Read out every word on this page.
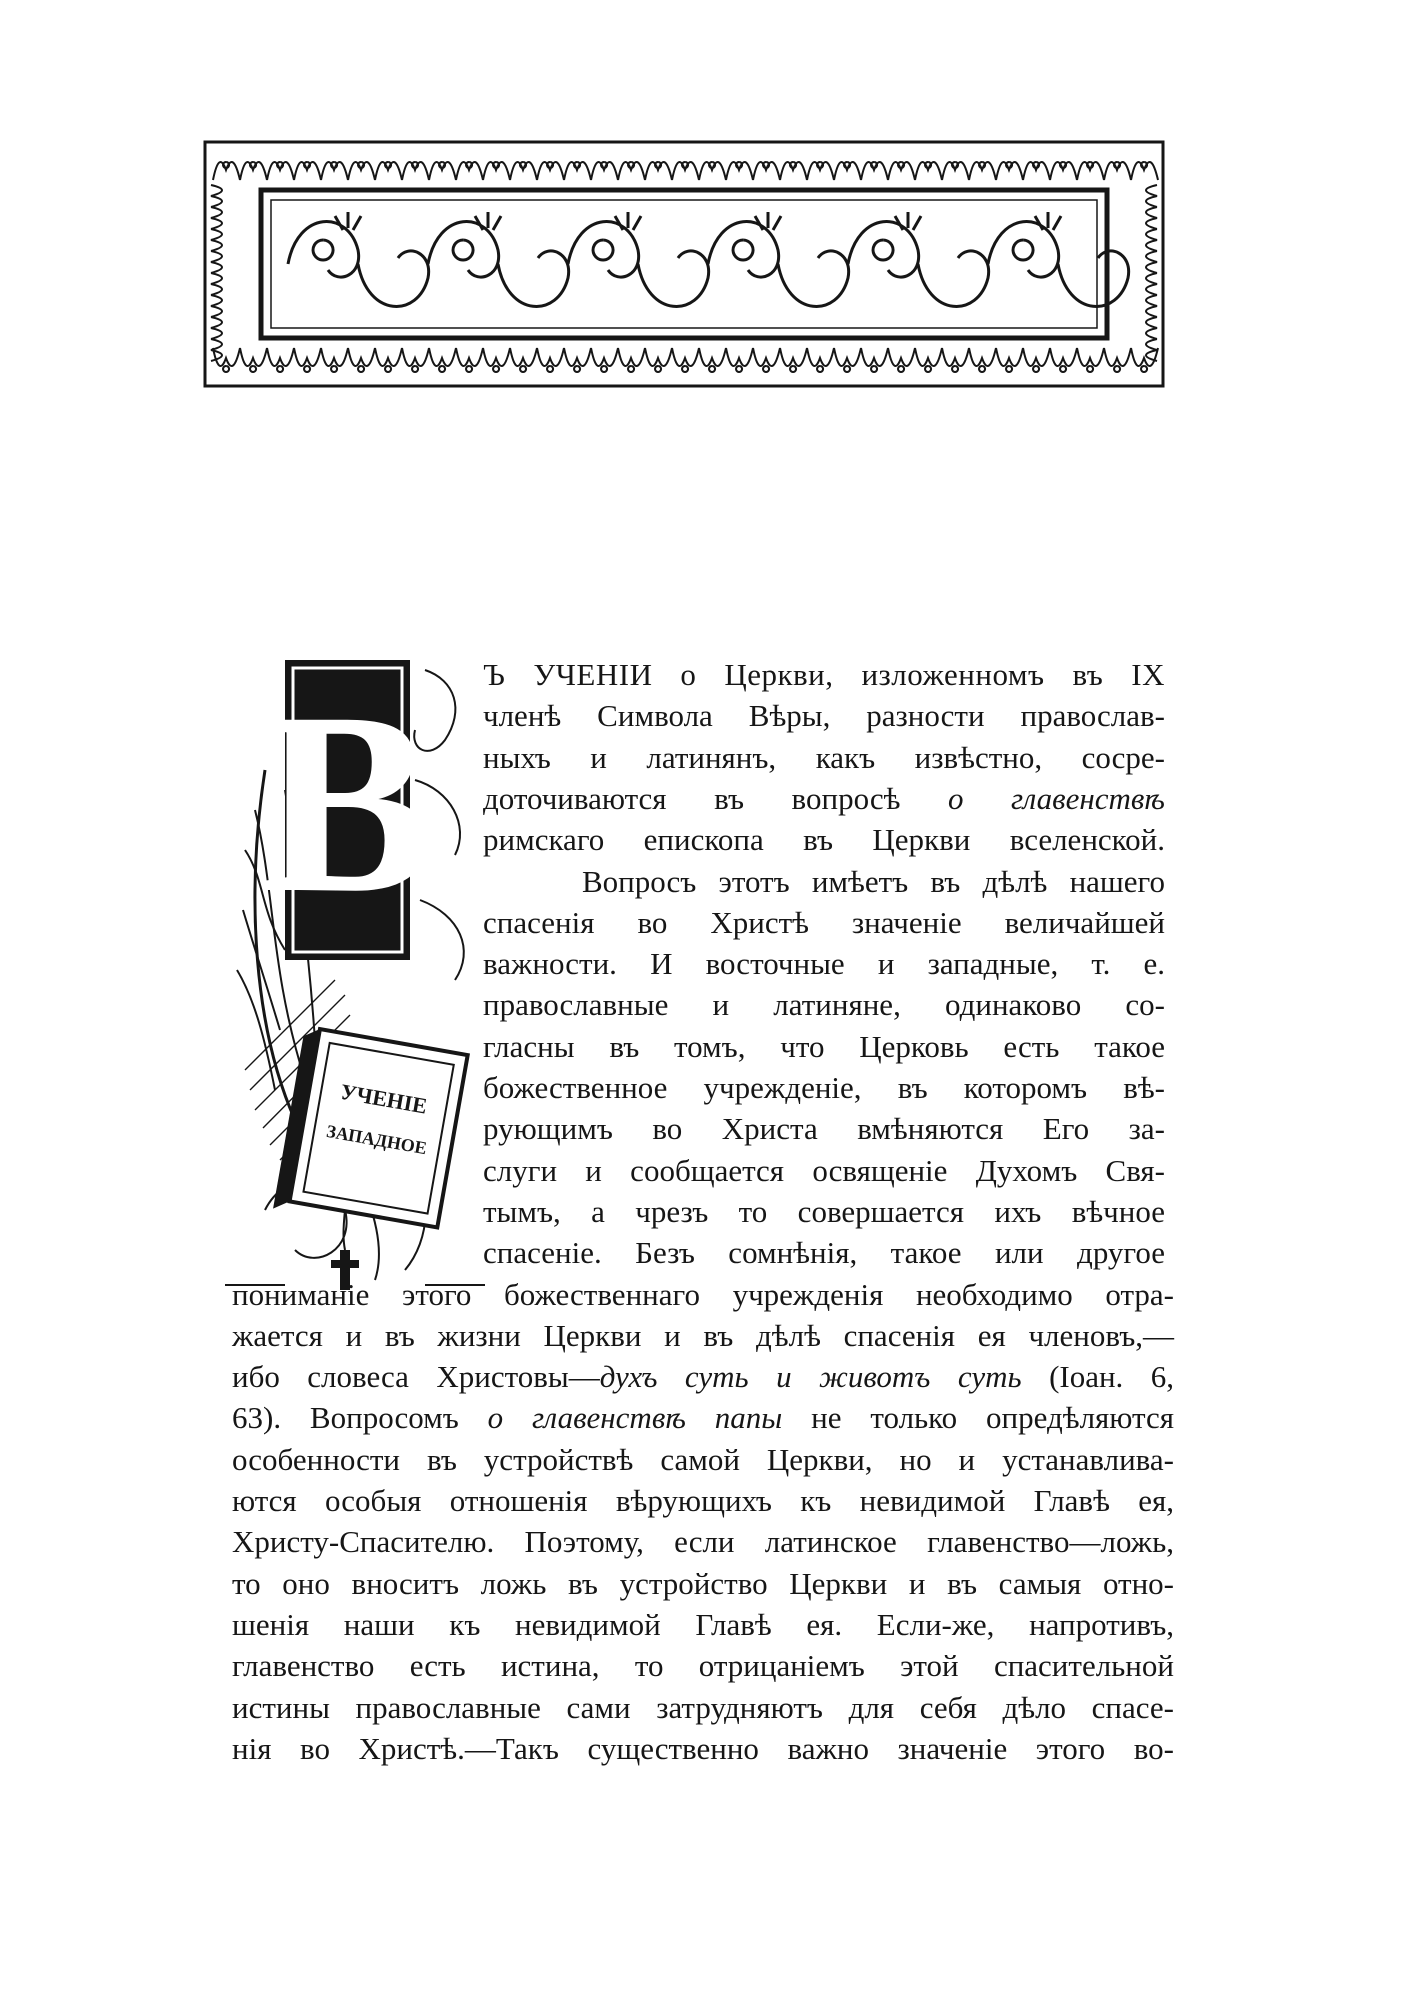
В
УЧЕНІЕ
ЗАПАДНОЕ

Ъ УЧЕНІИ о Церкви, изложенномъ въ IX

членѣ Символа Вѣры, разности православ-

ныхъ и латинянъ, какъ извѣстно, сосре-

доточиваются въ вопросѣ о главенствѣ

римскаго епископа въ Церкви вселенской.

Вопросъ этотъ имѣетъ въ дѣлѣ нашего

спасенія во Христѣ значеніе величайшей

важности. И восточные и западные, т. е.

православные и латиняне, одинаково со-

гласны въ томъ, что Церковь есть такое

божественное учрежденіе, въ которомъ вѣ-

рующимъ во Христа вмѣняются Его за-

слуги и сообщается освященіе Духомъ Свя-

тымъ, а чрезъ то совершается ихъ вѣчное

спасеніе. Безъ сомнѣнія, такое или другое

пониманіе этого божественнаго учрежденія необходимо отра-

жается и въ жизни Церкви и въ дѣлѣ спасенія ея членовъ,—

ибо словеса Христовы—духъ суть и животъ суть (Іоан. 6,

63). Вопросомъ о главенствѣ папы не только опредѣляются

особенности въ устройствѣ самой Церкви, но и устанавлива-

ются особыя отношенія вѣрующихъ къ невидимой Главѣ ея,

Христу-Спасителю. Поэтому, если латинское главенство—ложь,

то оно вноситъ ложь въ устройство Церкви и въ самыя отно-

шенія наши къ невидимой Главѣ ея. Если-же, напротивъ,

главенство есть истина, то отрицаніемъ этой спасительной

истины православные сами затрудняютъ для себя дѣло спасе-

нія во Христѣ.—Такъ существенно важно значеніе этого во-
